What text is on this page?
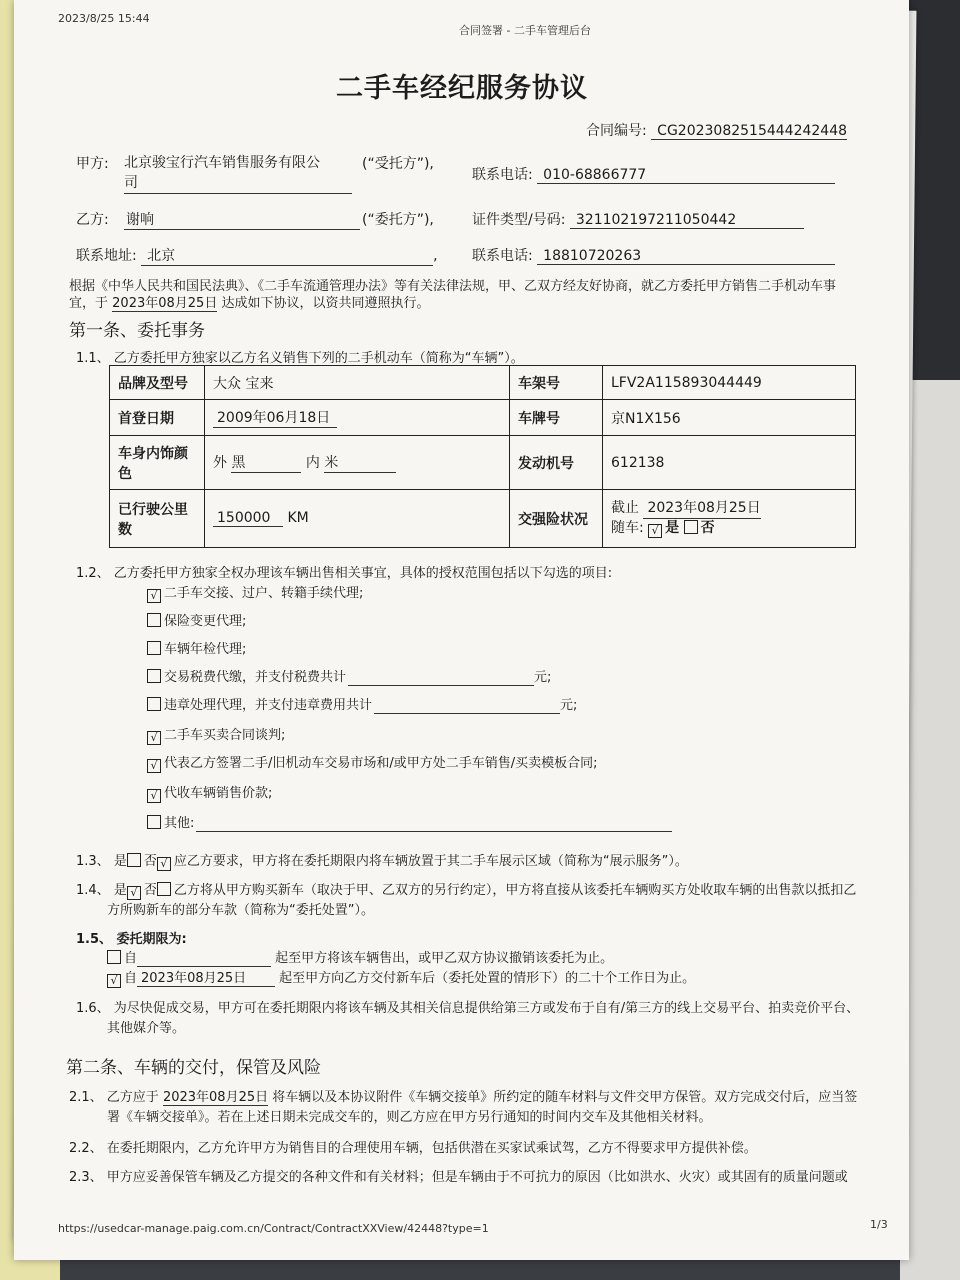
2023/8/25 15:44
合同签署 - 二手车管理后台
二手车经纪服务协议
合同编号: CG2023082515444242448
甲方: 北京骏宝行汽车销售服务有限公
司
(“受托方”),
联系电话: 010-68866777
乙方: 谢响	(“委托方”),	证件类型/号码: 321102197211050442
联系地址: 北京	, 联系电话: 18810720263
根据《中华人民共和国民法典》、《二手车流通管理办法》等有关法律法规，甲、乙双方经友好协商，就乙方委托甲方销售二手机动车事
宜，于 2023年08月25日 达成如下协议，以资共同遵照执行。
第一条、委托事务
1.1、 乙方委托甲方独家以乙方名义销售下列的二手机动车（简称为“车辆”）。
品牌及型号	大众 宝来	车架号	LFV2A115893044449
首登日期	2009年06月18日	车牌号	京N1X156
车身内饰颜色	外 黑 内 米	发动机号	612138
已行驶公里数	150000 KM	交强险状况	截止 2023年08月25日
随车: √ 是 否
1.2、 乙方委托甲方独家全权办理该车辆出售相关事宜，具体的授权范围包括以下勾选的项目:
√ 二手车交接、过户、转籍手续代理;
保险变更代理;
车辆年检代理;
交易税费代缴，并支付税费共计	元;
违章处理代理，并支付违章费用共计	元;
√ 二手车买卖合同谈判;
√ 代表乙方签署二手/旧机动车交易市场和/或甲方处二手车销售/买卖模板合同;
√ 代收车辆销售价款;
其他:
1.3、 是 否 √ 应乙方要求，甲方将在委托期限内将车辆放置于其二手车展示区域（简称为“展示服务”）。
1.4、 是 √ 否 乙方将从甲方购买新车（取决于甲、乙双方的另行约定），甲方将直接从该委托车辆购买方处收取车辆的出售款以抵扣乙
方所购新车的部分车款（简称为“委托处置”）。
1.5、 委托期限为:
自	起至甲方将该车辆售出，或甲乙双方协议撤销该委托为止。
√ 自 2023年08月25日	起至甲方向乙方交付新车后（委托处置的情形下）的二十个工作日为止。
1.6、 为尽快促成交易，甲方可在委托期限内将该车辆及其相关信息提供给第三方或发布于自有/第三方的线上交易平台、拍卖竞价平台、
其他媒介等。
第二条、车辆的交付，保管及风险
2.1、 乙方应于 2023年08月25日 将车辆以及本协议附件《车辆交接单》所约定的随车材料与文件交甲方保管。双方完成交付后，应当签
署《车辆交接单》。若在上述日期未完成交车的，则乙方应在甲方另行通知的时间内交车及其他相关材料。
2.2、 在委托期限内，乙方允许甲方为销售目的合理使用车辆，包括供潜在买家试乘试驾，乙方不得要求甲方提供补偿。
2.3、 甲方应妥善保管车辆及乙方提交的各种文件和有关材料；但是车辆由于不可抗力的原因（比如洪水、火灾）或其固有的质量问题或
https://usedcar-manage.paig.com.cn/Contract/ContractXXView/42448?type=1	1/3
